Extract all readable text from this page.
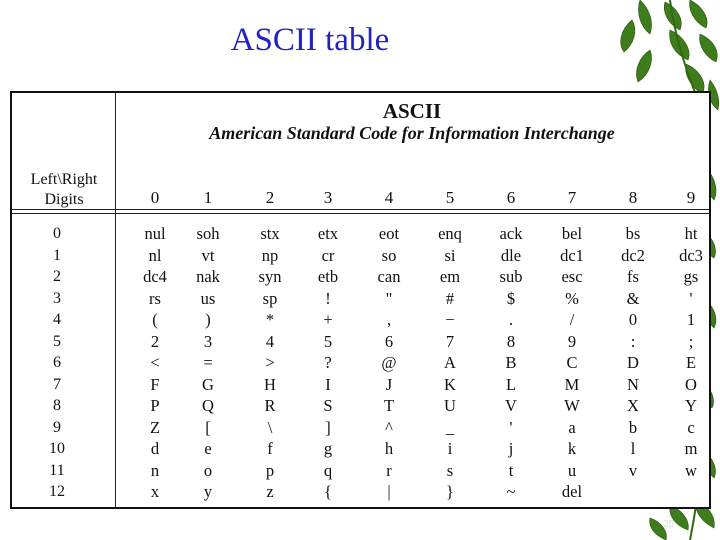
ASCII table
ASCII
American Standard Code for Information Interchange
Left\Right
Digits	0	1	2	3	4	5	6	7	8	9
0	nul	soh	stx	etx	eot	enq	ack	bel	bs	ht
1	nl	vt	np	cr	so	si	dle	dc1	dc2	dc3
2	dc4	nak	syn	etb	can	em	sub	esc	fs	gs
3	rs	us	sp	!	"	#	$	%	&	'
4	(	)	*	+	,	−	.	/	0	1
5	2	3	4	5	6	7	8	9	:	;
6	<	=	>	?	@	A	B	C	D	E
7	F	G	H	I	J	K	L	M	N	O
8	P	Q	R	S	T	U	V	W	X	Y
9	Z	[	\	]	^	_	'	a	b	c
10	d	e	f	g	h	i	j	k	l	m
11	n	o	p	q	r	s	t	u	v	w
12	x	y	z	{	|	}	~	del
25
